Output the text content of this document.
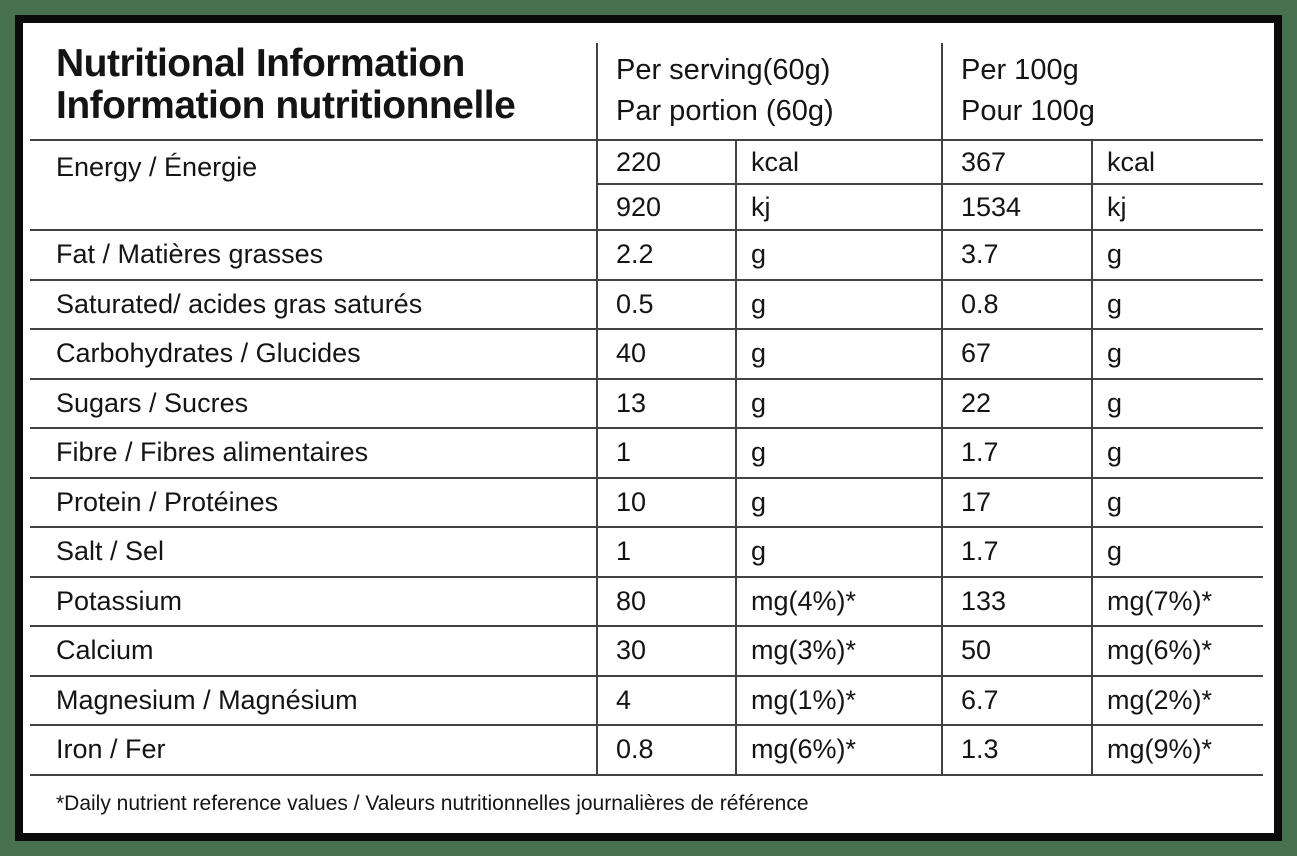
Nutritional Information
Information nutritionnelle
Per serving(60g)
Par portion (60g)
Per 100g
Pour 100g
Energy / Énergie	220	kcal	367	kcal
920	kj	1534	kj
Fat / Matières grasses	2.2	g	3.7	g
Saturated/ acides gras saturés	0.5	g	0.8	g
Carbohydrates / Glucides	40	g	67	g
Sugars / Sucres	13	g	22	g
Fibre / Fibres alimentaires	1	g	1.7	g
Protein / Protéines	10	g	17	g
Salt / Sel	1	g	1.7	g
Potassium	80	mg(4%)*	133	mg(7%)*
Calcium	30	mg(3%)*	50	mg(6%)*
Magnesium / Magnésium	4	mg(1%)*	6.7	mg(2%)*
Iron / Fer	0.8	mg(6%)*	1.3	mg(9%)*
*Daily nutrient reference values / Valeurs nutritionnelles journalières de référence
